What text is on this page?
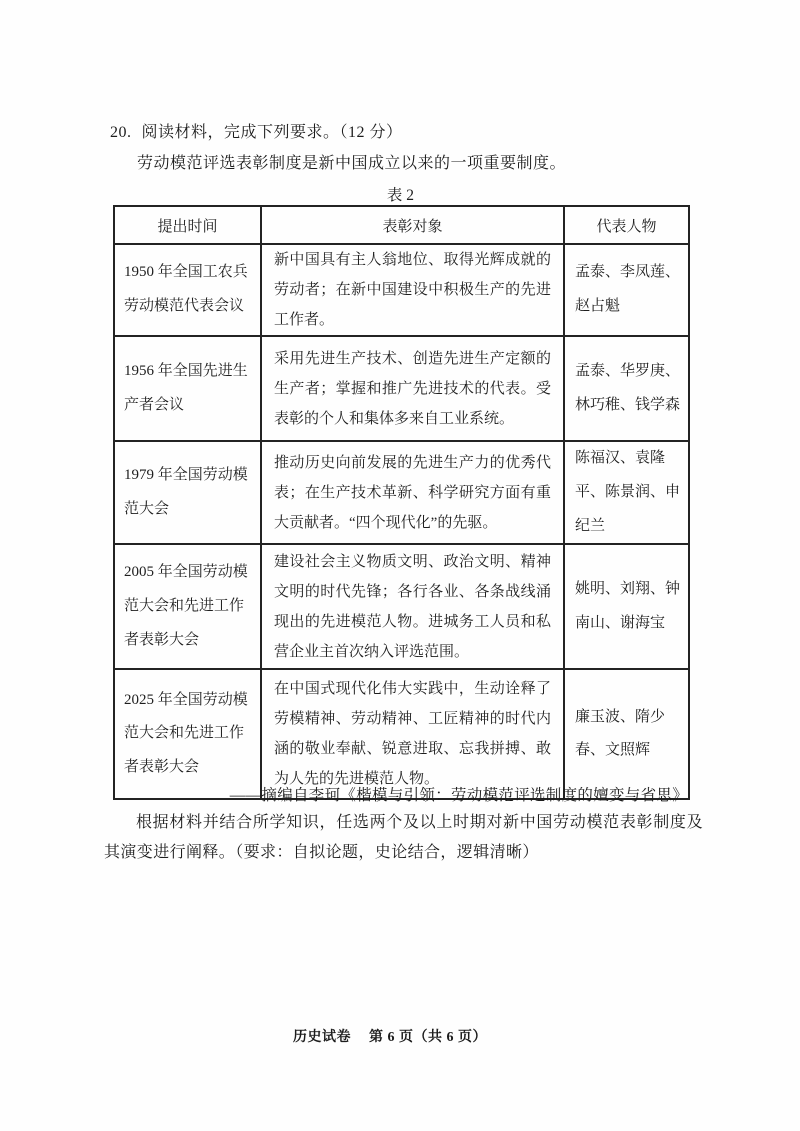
20. 阅读材料，完成下列要求。（12 分）
劳动模范评选表彰制度是新中国成立以来的一项重要制度。
表 2
提出时间	表彰对象	代表人物
1950 年全国工农兵劳动模范代表会议	新中国具有主人翁地位、取得光辉成就的劳动者；在新中国建设中积极生产的先进工作者。	孟泰、李凤莲、赵占魁
1956 年全国先进生产者会议	采用先进生产技术、创造先进生产定额的生产者；掌握和推广先进技术的代表。受表彰的个人和集体多来自工业系统。	孟泰、华罗庚、林巧稚、钱学森
1979 年全国劳动模范大会	推动历史向前发展的先进生产力的优秀代表；在生产技术革新、科学研究方面有重大贡献者。“四个现代化”的先驱。	陈福汉、袁隆平、陈景润、申纪兰
2005 年全国劳动模范大会和先进工作者表彰大会	建设社会主义物质文明、政治文明、精神文明的时代先锋；各行各业、各条战线涌现出的先进模范人物。进城务工人员和私营企业主首次纳入评选范围。	姚明、刘翔、钟南山、谢海宝
2025 年全国劳动模范大会和先进工作者表彰大会	在中国式现代化伟大实践中，生动诠释了劳模精神、劳动精神、工匠精神的时代内涵的敬业奉献、锐意进取、忘我拼搏、敢为人先的先进模范人物。	廉玉波、隋少春、文照辉
——摘编自李珂《楷模与引领：劳动模范评选制度的嬗变与省思》
根据材料并结合所学知识，任选两个及以上时期对新中国劳动模范表彰制度及其演变进行阐释。（要求：自拟论题，史论结合，逻辑清晰）
历史试卷 第 6 页（共 6 页）
